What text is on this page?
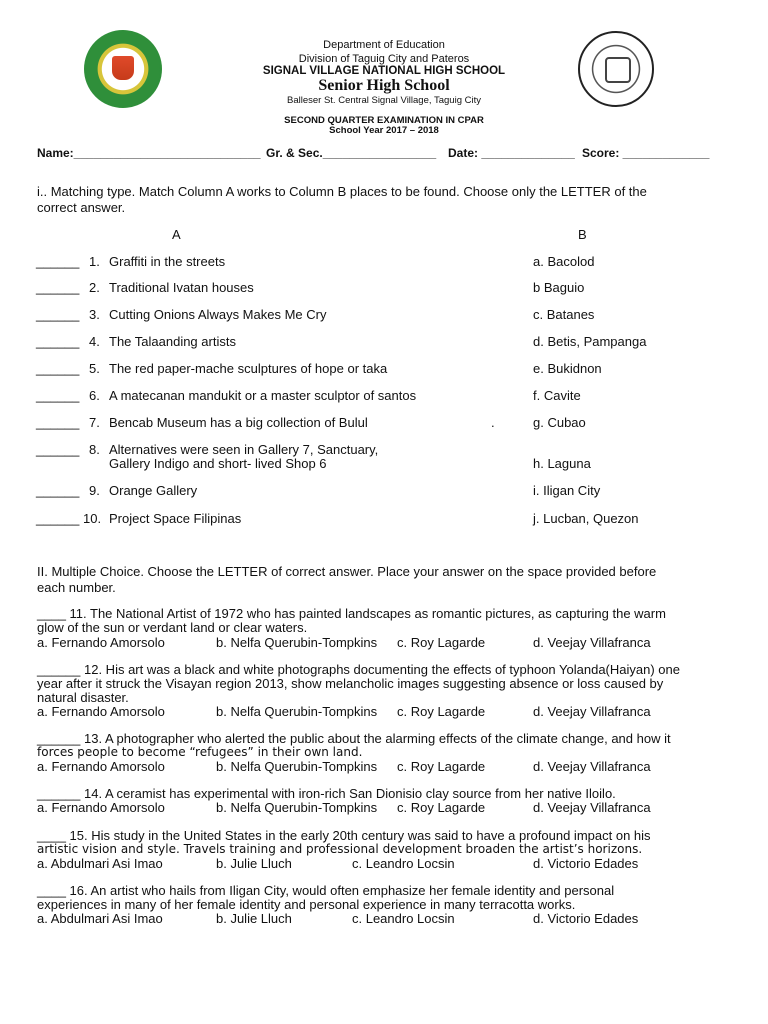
Department of Education
Division of Taguig City and Pateros
SIGNAL VILLAGE NATIONAL HIGH SCHOOL
Senior High School
Balleser St. Central Signal Village, Taguig City
SECOND QUARTER EXAMINATION IN CPAR
School Year 2017 – 2018
Name:____________________________ Gr. & Sec._________________ Date: ______________ Score: _____________
i.. Matching type. Match Column A works to Column B places to be found. Choose only the LETTER of the
correct answer.
A	B
______ 1. Graffiti in the streets	a. Bacolod
______ 2. Traditional Ivatan houses	b Baguio
______ 3. Cutting Onions Always Makes Me Cry	c. Batanes
______ 4. The Talaanding artists	d. Betis, Pampanga
______ 5. The red paper-mache sculptures of hope or taka	e. Bukidnon
______ 6. A matecanan mandukit or a master sculptor of santos	f. Cavite
______ 7. Bencab Museum has a big collection of Bulul	.	g. Cubao
______ 8. Alternatives were seen in Gallery 7, Sanctuary,
Gallery Indigo and short- lived Shop 6	h. Laguna
______ 9. Orange Gallery	i. Iligan City
______ 10. Project Space Filipinas	j. Lucban, Quezon
II. Multiple Choice. Choose the LETTER of correct answer. Place your answer on the space provided before
each number.
____ 11. The National Artist of 1972 who has painted landscapes as romantic pictures, as capturing the warm
glow of the sun or verdant land or clear waters.
a. Fernando Amorsolo	b. Nelfa Querubin-Tompkins c. Roy Lagarde	d. Veejay Villafranca
______ 12. His art was a black and white photographs documenting the effects of typhoon Yolanda(Haiyan) one
year after it struck the Visayan region 2013, show melancholic images suggesting absence or loss caused by
natural disaster.
a. Fernando Amorsolo	b. Nelfa Querubin-Tompkins c. Roy Lagarde	d. Veejay Villafranca
______ 13. A photographer who alerted the public about the alarming effects of the climate change, and how it
forces people to become “refugees” in their own land.
a. Fernando Amorsolo	b. Nelfa Querubin-Tompkins c. Roy Lagarde	d. Veejay Villafranca
______ 14. A ceramist has experimental with iron-rich San Dionisio clay source from her native Iloilo.
a. Fernando Amorsolo	b. Nelfa Querubin-Tompkins c. Roy Lagarde	d. Veejay Villafranca
____ 15. His study in the United States in the early 20th century was said to have a profound impact on his
artistic vision and style. Travels training and professional development broaden the artist’s horizons.
a. Abdulmari Asi Imao	b. Julie Lluch	c. Leandro Locsin	d. Victorio Edades
____ 16. An artist who hails from Iligan City, would often emphasize her female identity and personal
experiences in many of her female identity and personal experience in many terracotta works.
a. Abdulmari Asi Imao	b. Julie Lluch	c. Leandro Locsin	d. Victorio Edades
